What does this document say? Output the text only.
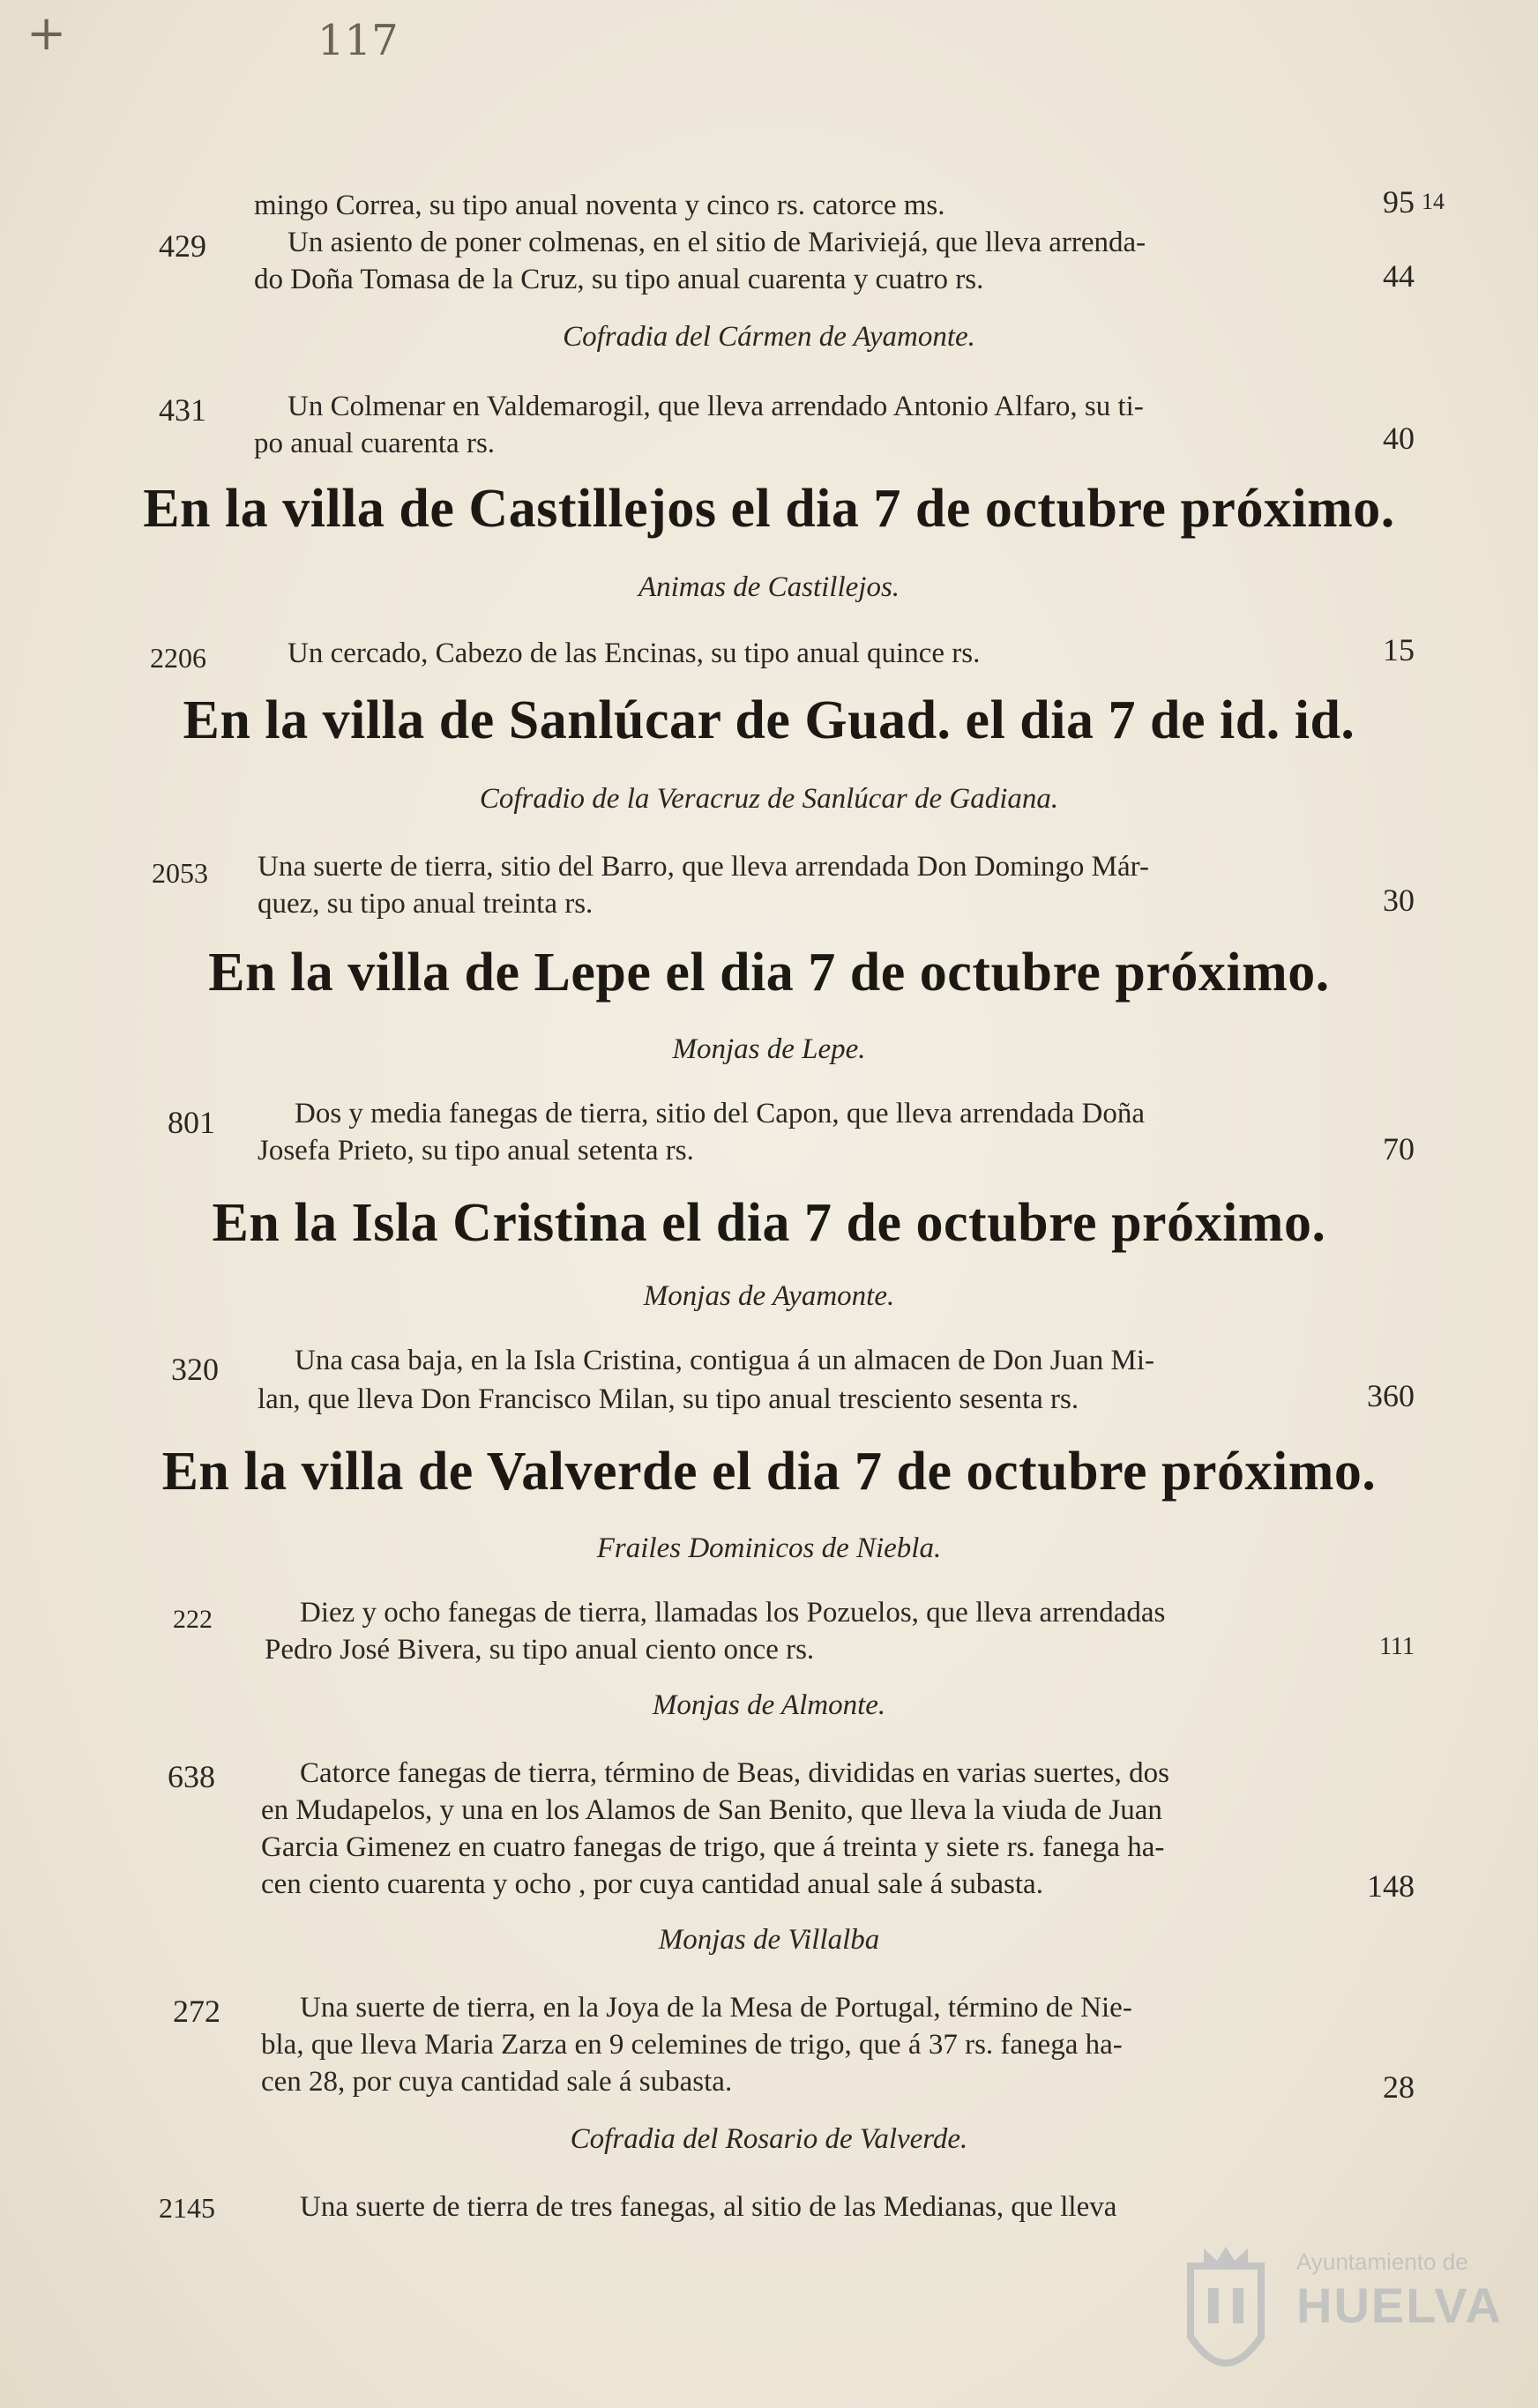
+	117
mingo Correa, su tipo anual noventa y cinco rs. catorce ms.	95 14
429	Un asiento de poner colmenas, en el sitio de Mariviejá, que lleva arrenda-
do Doña Tomasa de la Cruz, su tipo anual cuarenta y cuatro rs.	44
Cofradia del Cármen de Ayamonte.
431	Un Colmenar en Valdemarogil, que lleva arrendado Antonio Alfaro, su ti-
po anual cuarenta rs.	40
En la villa de Castillejos el dia 7 de octubre próximo.
Animas de Castillejos.
2206	Un cercado, Cabezo de las Encinas, su tipo anual quince rs.	15
En la villa de Sanlúcar de Guad. el dia 7 de id. id.
Cofradio de la Veracruz de Sanlúcar de Gadiana.
2053 Una suerte de tierra, sitio del Barro, que lleva arrendada Don Domingo Már-
quez, su tipo anual treinta rs.	30
En la villa de Lepe el dia 7 de octubre próximo.
Monjas de Lepe.
801	Dos y media fanegas de tierra, sitio del Capon, que lleva arrendada Doña
Josefa Prieto, su tipo anual setenta rs.	70
En la Isla Cristina el dia 7 de octubre próximo.
Monjas de Ayamonte.
320	Una casa baja, en la Isla Cristina, contigua á un almacen de Don Juan Mi-
lan, que lleva Don Francisco Milan, su tipo anual tresciento sesenta rs.	360
En la villa de Valverde el dia 7 de octubre próximo.
Frailes Dominicos de Niebla.
222	Diez y ocho fanegas de tierra, llamadas los Pozuelos, que lleva arrendadas
Pedro José Bivera, su tipo anual ciento once rs.	111
Monjas de Almonte.
638	Catorce fanegas de tierra, término de Beas, divididas en varias suertes, dos
en Mudapelos, y una en los Alamos de San Benito, que lleva la viuda de Juan
Garcia Gimenez en cuatro fanegas de trigo, que á treinta y siete rs. fanega ha-
cen ciento cuarenta y ocho , por cuya cantidad anual sale á subasta.	148
Monjas de Villalba
272	Una suerte de tierra, en la Joya de la Mesa de Portugal, término de Nie-
bla, que lleva Maria Zarza en 9 celemines de trigo, que á 37 rs. fanega ha-
cen 28, por cuya cantidad sale á subasta.	28
Cofradia del Rosario de Valverde.
2145	Una suerte de tierra de tres fanegas, al sitio de las Medianas, que lleva
Ayuntamiento de
HUELVA
